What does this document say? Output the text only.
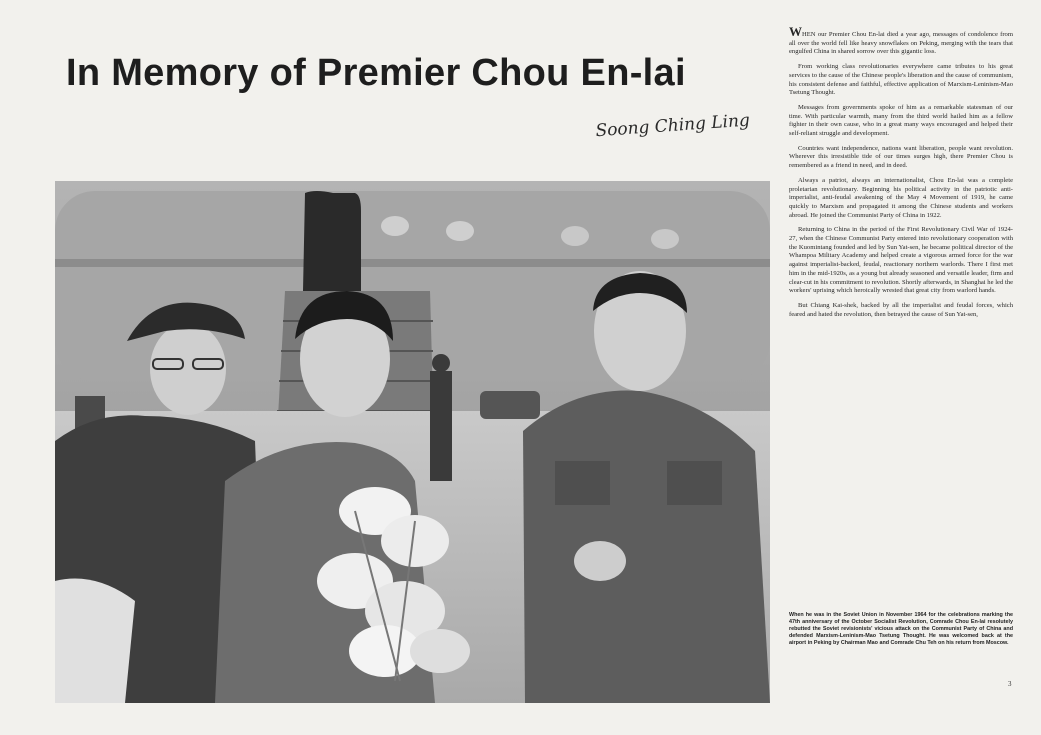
In Memory of Premier Chou En-lai
Soong Ching Ling

WHEN our Premier Chou En-lai died a year ago, messages of condolence from all over the world fell like heavy snowflakes on Peking, merging with the tears that engulfed China in shared sorrow over this gigantic loss.

From working class revolutionaries everywhere came tributes to his great services to the cause of the Chinese people's liberation and the cause of communism, his consistent defense and faithful, effective application of Marxism-Leninism-Mao Tsetung Thought.

Messages from governments spoke of him as a remarkable statesman of our time. With particular warmth, many from the third world hailed him as a fellow fighter in their own cause, who in a great many ways encouraged and helped their self-reliant struggle and development.

Countries want independence, nations want liberation, people want revolution. Wherever this irresistible tide of our times surges high, there Premier Chou is remembered as a friend in need, and in deed.

Always a patriot, always an internationalist, Chou En-lai was a complete proletarian revolutionary. Beginning his political activity in the patriotic anti-imperialist, anti-feudal awakening of the May 4 Movement of 1919, he came quickly to Marxism and propagated it among the Chinese students and workers abroad. He joined the Communist Party of China in 1922.

Returning to China in the period of the First Revolutionary Civil War of 1924-27, when the Chinese Communist Party entered into revolutionary cooperation with the Kuomintang founded and led by Sun Yat-sen, he became political director of the Whampoa Military Academy and helped create a vigorous armed force for the war against imperialist-backed, feudal, reactionary northern warlords. There I first met him in the mid-1920s, as a young but already seasoned and versatile leader, firm and clear-cut in his commitment to revolution. Shortly afterwards, in Shanghai he led the workers' uprising which heroically wrested that great city from warlord hands.

But Chiang Kai-shek, backed by all the imperialist and feudal forces, which feared and hated the revolution, then betrayed the cause of Sun Yat-sen,

When he was in the Soviet Union in November 1964 for the celebrations marking the 47th anniversary of the October Socialist Revolution, Comrade Chou En-lai resolutely rebutted the Soviet revisionists' vicious attack on the Communist Party of China and defended Marxism-Leninism-Mao Tsetung Thought. He was welcomed back at the airport in Peking by Chairman Mao and Comrade Chu Teh on his return from Moscow.

3
